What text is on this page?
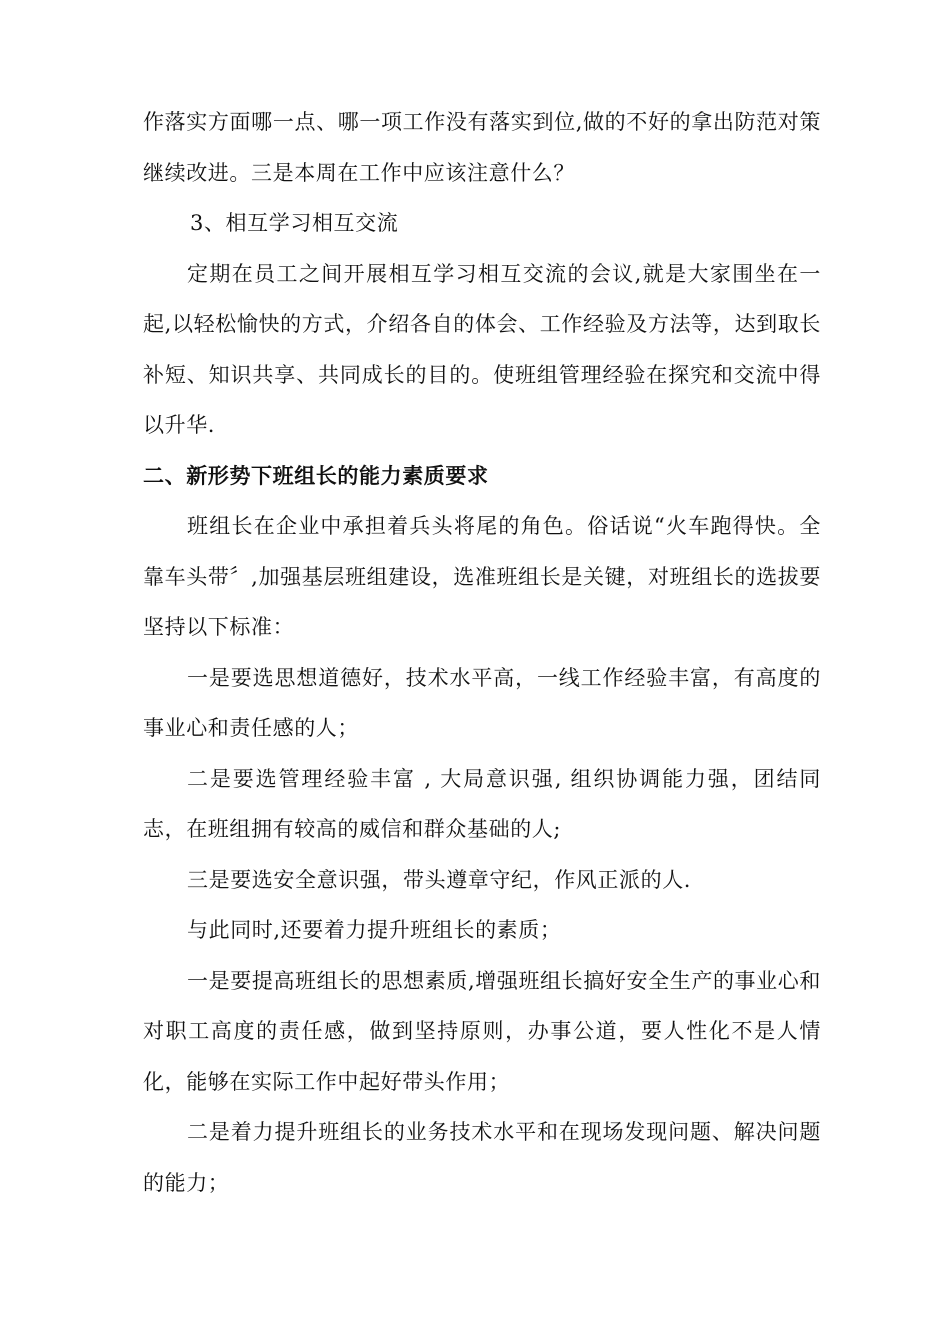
作落实方面哪一点、哪一项工作没有落实到位,做的不好的拿出防范对策继续改进。三是本周在工作中应该注意什么？

3、相互学习相互交流

定期在员工之间开展相互学习相互交流的会议,就是大家围坐在一起,以轻松愉快的方式，介绍各自的体会、工作经验及方法等，达到取长补短、知识共享、共同成长的目的。使班组管理经验在探究和交流中得以升华.

二、新形势下班组长的能力素质要求

班组长在企业中承担着兵头将尾的角色。俗话说“火车跑得快。全靠车头带〞,加强基层班组建设，选准班组长是关键，对班组长的选拔要坚持以下标准：

一是要选思想道德好，技术水平高，一线工作经验丰富，有高度的事业心和责任感的人；

二是要选管理经验丰富 , 大局意识强, 组织协调能力强，团结同志，在班组拥有较高的威信和群众基础的人;

三是要选安全意识强，带头遵章守纪，作风正派的人.

与此同时,还要着力提升班组长的素质；

一是要提高班组长的思想素质,增强班组长搞好安全生产的事业心和对职工高度的责任感，做到坚持原则，办事公道，要人性化不是人情化，能够在实际工作中起好带头作用；

二是着力提升班组长的业务技术水平和在现场发现问题、解决问题的能力；
